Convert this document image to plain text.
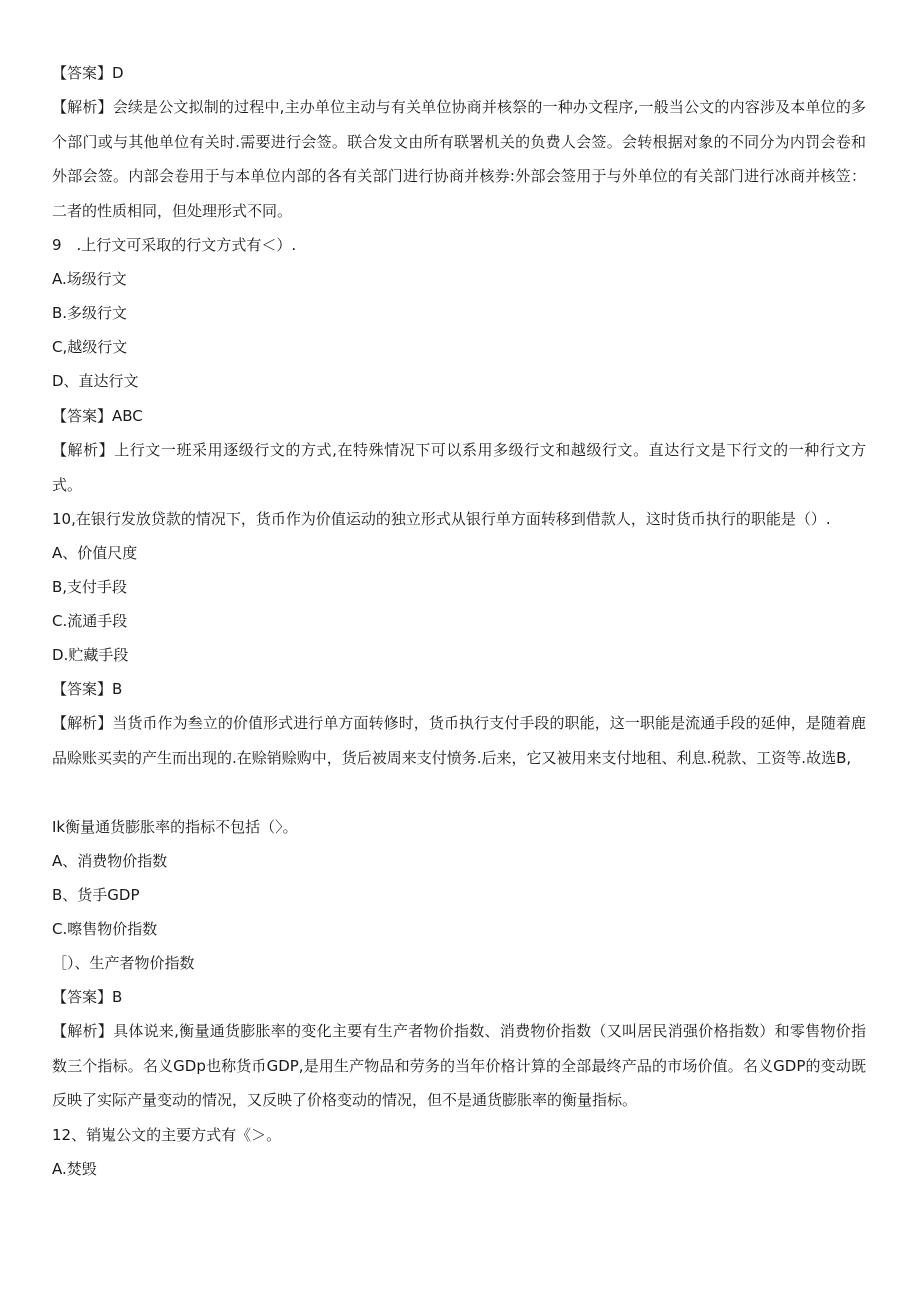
【答案】D
【解析】会续是公文拟制的过程中,主办单位主动与有关单位协商并核祭的一种办文程序,一般当公文的内容涉及本单位的多个部门或与其他单位有关时.需要进行会签。联合发文由所有联署机关的负费人会签。会转根据对象的不同分为内罚会卷和外部会签。内部会卷用于与本单位内部的各有关部门进行协商并核券:外部会签用于与外单位的有关部门进行冰商并核笠：二者的性质相同，但处理形式不同。
9　.上行文可采取的行文方式有＜）.
A.场级行文
B.多级行文
C,越级行文
D、直达行文
【答案】ABC
【解析】上行文一班采用逐级行文的方式,在特殊情况下可以系用多级行文和越级行文。直达行文是下行文的一种行文方式。
10,在银行发放贷款的情况下，货币作为价值运动的独立形式从银行单方面转移到借款人，这时货币执行的职能是（）.
A、价值尺度
B,支付手段
C.流通手段
D.贮藏手段
【答案】B
【解析】当货币作为叁立的价值形式进行单方面转修时，货币执行支付手段的职能，这一职能是流通手段的延伸，是随着鹿品赊账买卖的产生而出现的.在赊销赊购中，货后被周来支付愤务.后来，它又被用来支付地租、利息.税款、工资等.故选B,
Ik衡量通货膨胀率的指标不包括（〉。
A、消费物价指数
B、货手GDP
C.嚓售物价指数
［）、生产者物价指数
【答案】B
【解析】具体说来,衡量通货膨胀率的变化主要有生产者物价指数、消费物价指数（又叫居民消强价格指数）和零售物价指数三个指标。名义GDp也称货币GDP,是用生产物品和劳务的当年价格计算的全部最终产品的市场价值。名义GDP的变动既反映了实际产量变动的情况，又反映了价格变动的情况，但不是通货膨胀率的衡量指标。
12、销嵬公文的主要方式有《＞。
A.焚毁
